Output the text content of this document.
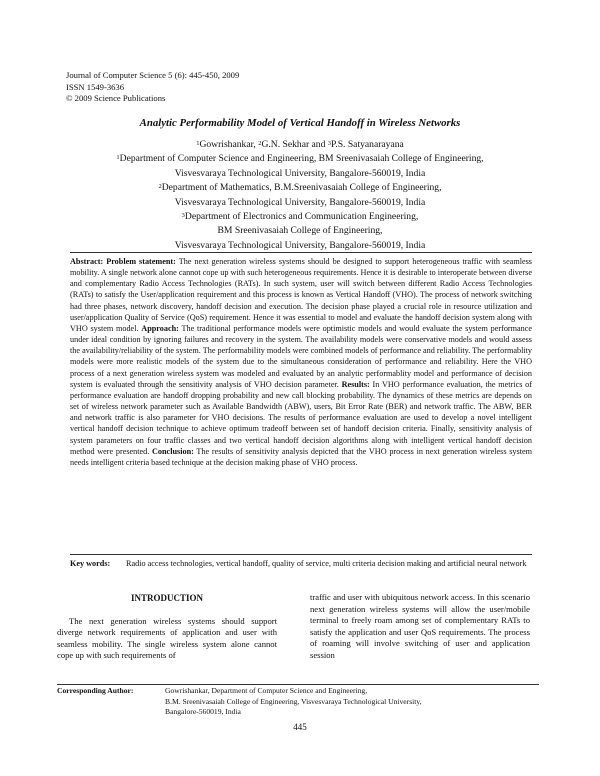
Journal of Computer Science 5 (6): 445-450, 2009
ISSN 1549-3636
© 2009 Science Publications
Analytic Performability Model of Vertical Handoff in Wireless Networks
$^1$Gowrishankar, $^2$G.N. Sekhar and $^3$P.S. Satyanarayana
$^1$Department of Computer Science and Engineering, BM Sreenivasaiah College of Engineering,
Visvesvaraya Technological University, Bangalore-560019, India
$^2$Department of Mathematics, B.M.Sreenivasaiah College of Engineering,
Visvesvaraya Technological University, Bangalore-560019, India
$^3$Department of Electronics and Communication Engineering,
BM Sreenivasaiah College of Engineering,
Visvesvaraya Technological University, Bangalore-560019, India

Abstract: Problem statement: The next generation wireless systems should be designed to support heterogeneous traffic with seamless mobility. A single network alone cannot cope up with such heterogeneous requirements. Hence it is desirable to interoperate between diverse and complementary Radio Access Technologies (RATs). In such system, user will switch between different Radio Access Technologies (RATs) to satisfy the User/application requirement and this process is known as Vertical Handoff (VHO). The process of network switching had three phases, network discovery, handoff decision and execution. The decision phase played a crucial role in resource utilization and user/application Quality of Service (QoS) requirement. Hence it was essential to model and evaluate the handoff decision system along with VHO system model. Approach: The traditional performance models were optimistic models and would evaluate the system performance under ideal condition by ignoring failures and recovery in the system. The availability models were conservative models and would assess the availability/reliability of the system. The performability models were combined models of performance and reliability. The performablity models were more realistic models of the system due to the simultaneous consideration of performance and reliability. Here the VHO process of a next generation wireless system was modeled and evaluated by an analytic performablity model and performance of decision system is evaluated through the sensitivity analysis of VHO decision parameter. Results: In VHO performance evaluation, the metrics of performance evaluation are handoff dropping probability and new call blocking probability. The dynamics of these metrics are depends on set of wireless network parameter such as Available Bandwidth (ABW), users, Bit Error Rate (BER) and network traffic. The ABW, BER and network traffic is also parameter for VHO decisions. The results of performance evaluation are used to develop a novel intelligent vertical handoff decision technique to achieve optimum tradeoff between set of handoff decision criteria. Finally, sensitivity analysis of system parameters on four traffic classes and two vertical handoff decision algorithms along with intelligent vertical handoff decision method were presented. Conclusion: The results of sensitivity analysis depicted that the VHO process in next generation wireless system needs intelligent criteria based technique at the decision making phase of VHO process.

Key words:	Radio access technologies, vertical handoff, quality of service, multi criteria decision making and artificial neural network
INTRODUCTION

The next generation wireless systems should support diverge network requirements of application and user with seamless mobility. The single wireless system alone cannot cope up with such requirements of

traffic and user with ubiquitous network access. In this scenario next generation wireless systems will allow the user/mobile terminal to freely roam among set of complementary RATs to satisfy the application and user QoS requirements. The process of roaming will involve switching of user and application session

Corresponding Author:	Gowrishankar, Department of Computer Science and Engineering,
B.M. Sreenivasaiah College of Engineering, Visvesvaraya Technological University,
Bangalore-560019, India
445
